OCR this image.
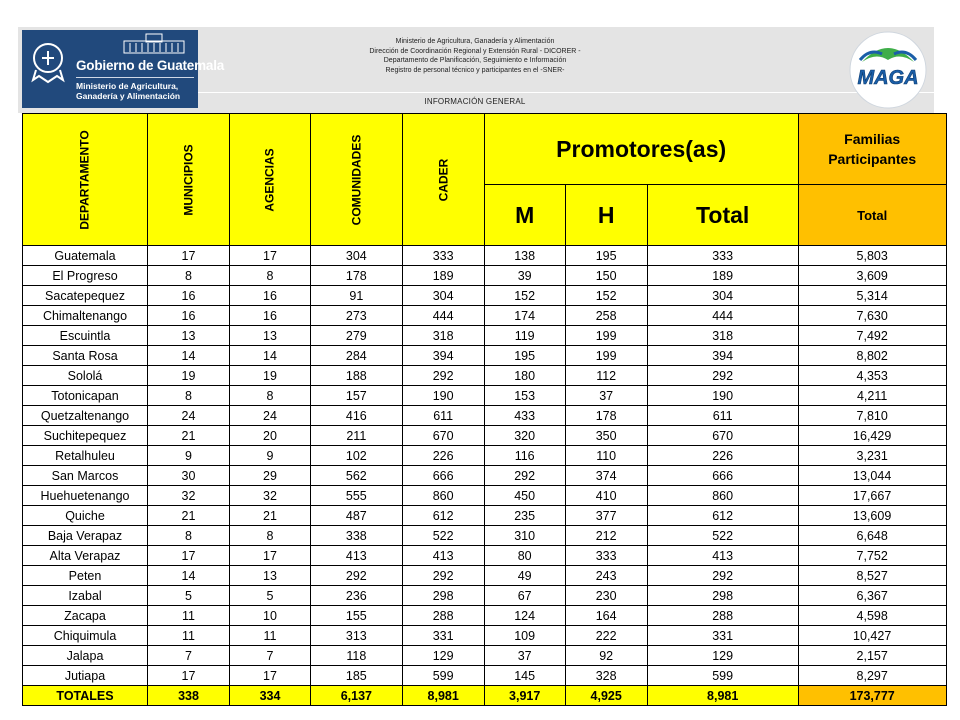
Gobierno de Guatemala
Ministerio de Agricultura,
Ganadería y Alimentación
Ministerio de Agricultura, Ganadería y Alimentación
Dirección de Coordinación Regional y Extensión Rural - DICORER -
Departamento de Planificación, Seguimiento e Información
Registro de personal técnico y participantes en el -SNER-
INFORMACIÓN GENERAL
MAGA
DEPARTAMENTO	MUNICIPIOS	AGENCIAS	COMUNIDADES	CADER	Promotores(as)			Familias Participantes
					M	H	Total	Total
Guatemala	17	17	304	333	138	195	333	5,803
El Progreso	8	8	178	189	39	150	189	3,609
Sacatepequez	16	16	91	304	152	152	304	5,314
Chimaltenango	16	16	273	444	174	258	444	7,630
Escuintla	13	13	279	318	119	199	318	7,492
Santa Rosa	14	14	284	394	195	199	394	8,802
Sololá	19	19	188	292	180	112	292	4,353
Totonicapan	8	8	157	190	153	37	190	4,211
Quetzaltenango	24	24	416	611	433	178	611	7,810
Suchitepequez	21	20	211	670	320	350	670	16,429
Retalhuleu	9	9	102	226	116	110	226	3,231
San Marcos	30	29	562	666	292	374	666	13,044
Huehuetenango	32	32	555	860	450	410	860	17,667
Quiche	21	21	487	612	235	377	612	13,609
Baja Verapaz	8	8	338	522	310	212	522	6,648
Alta Verapaz	17	17	413	413	80	333	413	7,752
Peten	14	13	292	292	49	243	292	8,527
Izabal	5	5	236	298	67	230	298	6,367
Zacapa	11	10	155	288	124	164	288	4,598
Chiquimula	11	11	313	331	109	222	331	10,427
Jalapa	7	7	118	129	37	92	129	2,157
Jutiapa	17	17	185	599	145	328	599	8,297
TOTALES	338	334	6,137	8,981	3,917	4,925	8,981	173,777
